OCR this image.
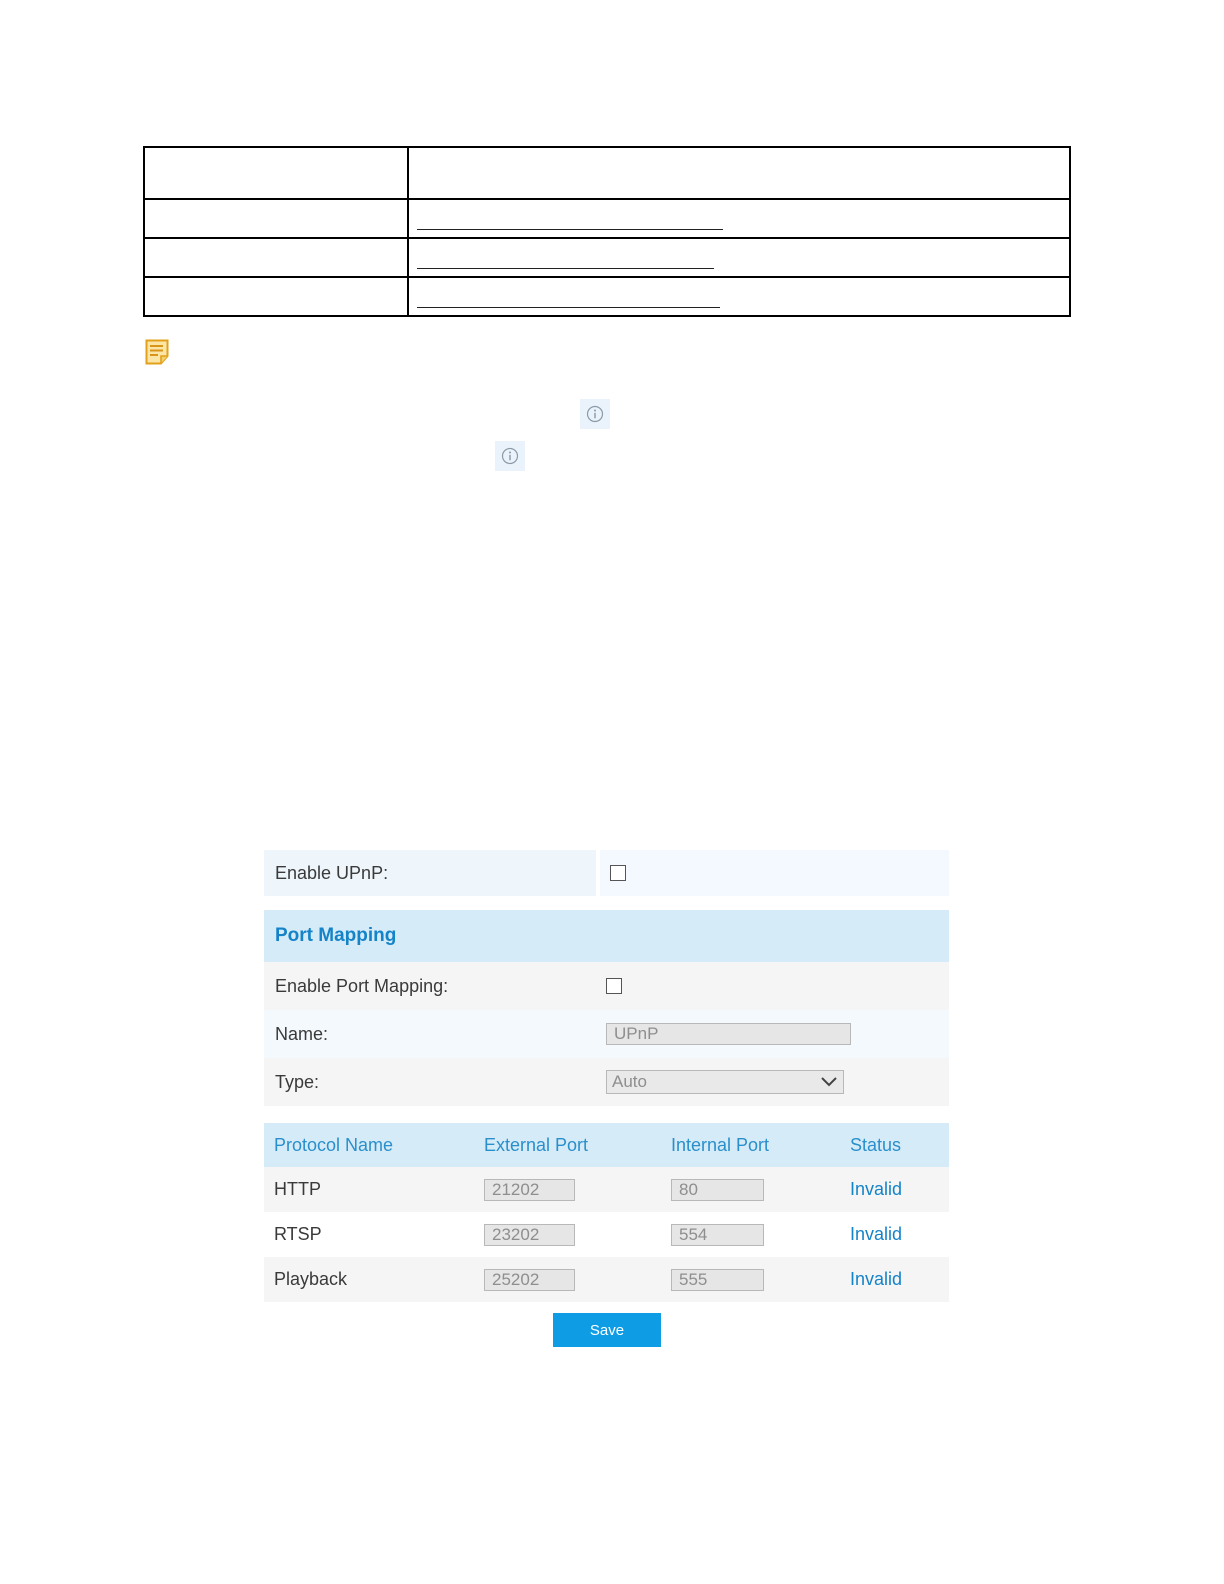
Enable UPnP:
Port Mapping
Enable Port Mapping:
Name:	UPnP
Type:	Auto
Protocol Name	External Port	Internal Port	Status
HTTP	21202	80	Invalid
RTSP	23202	554	Invalid
Playback	25202	555	Invalid
Save
